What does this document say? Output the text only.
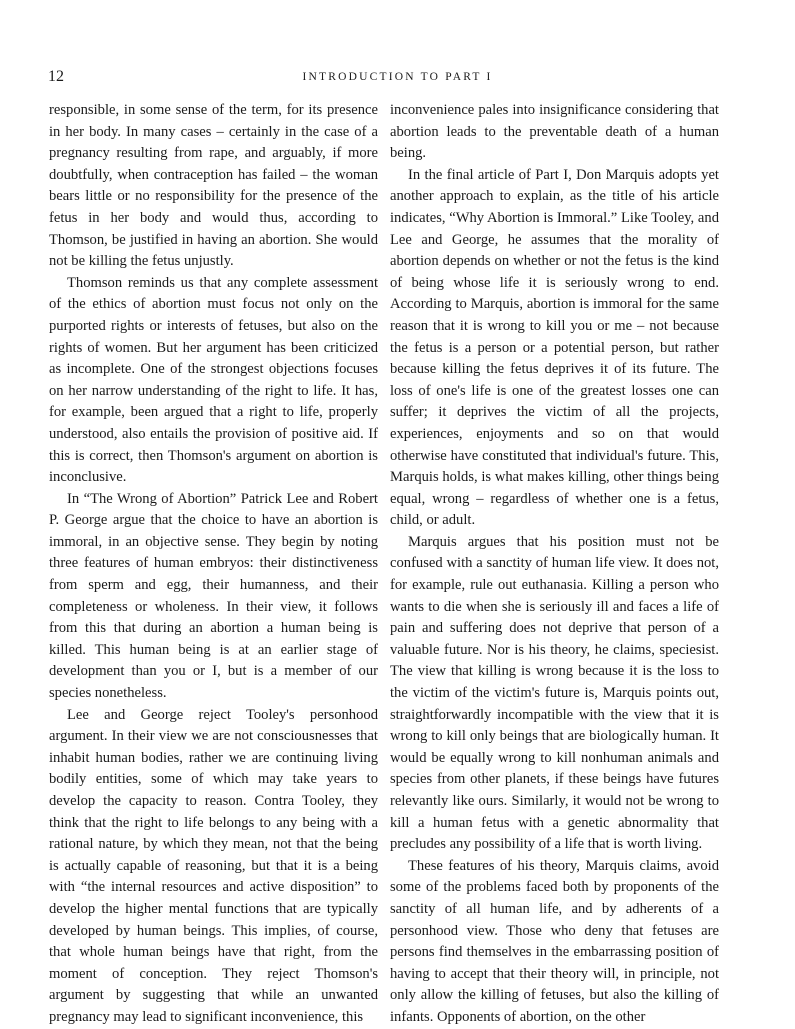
12	INTRODUCTION TO PART I

responsible, in some sense of the term, for its presence in her body. In many cases – certainly in the case of a pregnancy resulting from rape, and arguably, if more doubtfully, when contraception has failed – the woman bears little or no responsibility for the presence of the fetus in her body and would thus, according to Thomson, be justified in having an abortion. She would not be killing the fetus unjustly.

Thomson reminds us that any complete assessment of the ethics of abortion must focus not only on the purported rights or interests of fetuses, but also on the rights of women. But her argument has been criticized as incomplete. One of the strongest objections focuses on her narrow understanding of the right to life. It has, for example, been argued that a right to life, properly understood, also entails the provision of positive aid. If this is correct, then Thomson's argument on abortion is inconclusive.

In “The Wrong of Abortion” Patrick Lee and Robert P. George argue that the choice to have an abortion is immoral, in an objective sense. They begin by noting three features of human embryos: their distinctiveness from sperm and egg, their humanness, and their completeness or wholeness. In their view, it follows from this that during an abortion a human being is killed. This human being is at an earlier stage of development than you or I, but is a member of our species nonetheless.

Lee and George reject Tooley's personhood argument. In their view we are not consciousnesses that inhabit human bodies, rather we are continuing living bodily entities, some of which may take years to develop the capacity to reason. Contra Tooley, they think that the right to life belongs to any being with a rational nature, by which they mean, not that the being is actually capable of reasoning, but that it is a being with “the internal resources and active disposition” to develop the higher mental functions that are typically developed by human beings. This implies, of course, that whole human beings have that right, from the moment of conception. They reject Thomson's argument by suggesting that while an unwanted pregnancy may lead to significant inconvenience, this

inconvenience pales into insignificance considering that abortion leads to the preventable death of a human being.

In the final article of Part I, Don Marquis adopts yet another approach to explain, as the title of his article indicates, “Why Abortion is Immoral.” Like Tooley, and Lee and George, he assumes that the morality of abortion depends on whether or not the fetus is the kind of being whose life it is seriously wrong to end. According to Marquis, abortion is immoral for the same reason that it is wrong to kill you or me – not because the fetus is a person or a potential person, but rather because killing the fetus deprives it of its future. The loss of one's life is one of the greatest losses one can suffer; it deprives the victim of all the projects, experiences, enjoyments and so on that would otherwise have constituted that individual's future. This, Marquis holds, is what makes killing, other things being equal, wrong – regardless of whether one is a fetus, child, or adult.

Marquis argues that his position must not be confused with a sanctity of human life view. It does not, for example, rule out euthanasia. Killing a person who wants to die when she is seriously ill and faces a life of pain and suffering does not deprive that person of a valuable future. Nor is his theory, he claims, speciesist. The view that killing is wrong because it is the loss to the victim of the victim's future is, Marquis points out, straightforwardly incompatible with the view that it is wrong to kill only beings that are biologically human. It would be equally wrong to kill nonhuman animals and species from other planets, if these beings have futures relevantly like ours. Similarly, it would not be wrong to kill a human fetus with a genetic abnormality that precludes any possibility of a life that is worth living.

These features of his theory, Marquis claims, avoid some of the problems faced both by proponents of the sanctity of all human life, and by adherents of a personhood view. Those who deny that fetuses are persons find themselves in the embarrassing position of having to accept that their theory will, in principle, not only allow the killing of fetuses, but also the killing of infants. Opponents of abortion, on the other
